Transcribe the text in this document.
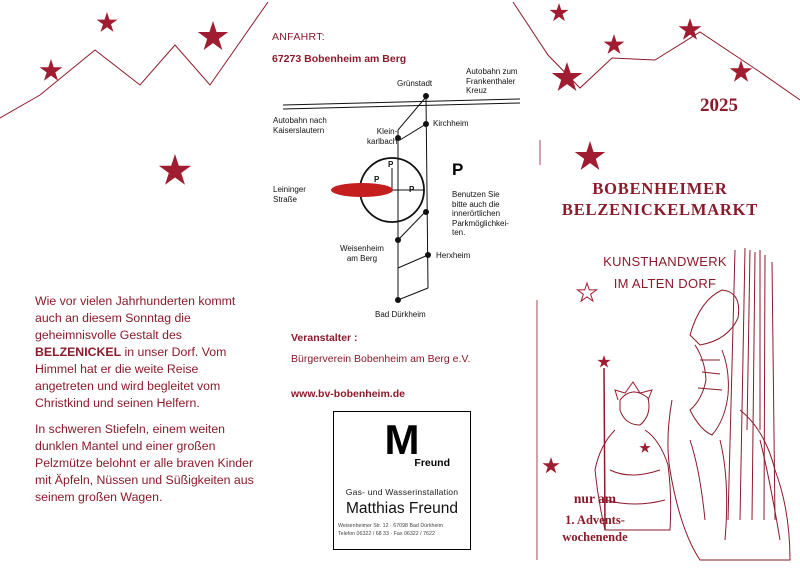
ANFAHRT:
67273 Bobenheim am Berg
Grünstadt
Autobahn zum
Frankenthaler
Kreuz
Autobahn nach
Kaiserslautern	Klein-
karlbach
Kirchheim
Leininger
Straße
P
Benutzen Sie
bitte auch die
innerörtlichen
Parkmöglichkei-
ten.
P
P
P
Weisenheim
am Berg	Herxheim
Bad Dürkheim

Wie vor vielen Jahrhunderten kommt auch an diesem Sonntag die geheimnisvolle Gestalt des BELZENICKEL in unser Dorf. Vom Himmel hat er die weite Reise angetreten und wird begleitet vom Christkind und seinen Helfern.

In schweren Stiefeln, einem weiten dunklen Mantel und einer großen Pelzmütze belohnt er alle braven Kinder mit Äpfeln, Nüssen und Süßigkeiten aus seinem großen Wagen.

Veranstalter :
Bürgerverein Bobenheim am Berg e.V.
www.bv-bobenheim.de
M
Freund
Gas- und Wasserinstallation
Matthias Freund
Weisenheimer Str. 12 · 67098 Bad Dürkheim
Telefon 06322 / 68 33 · Fax 06322 / 7622
2025
BOBENHEIMER
BELZENICKELMARKT
KUNSTHANDWERK
IM ALTEN DORF
nur am
1. Advents-
wochenende
